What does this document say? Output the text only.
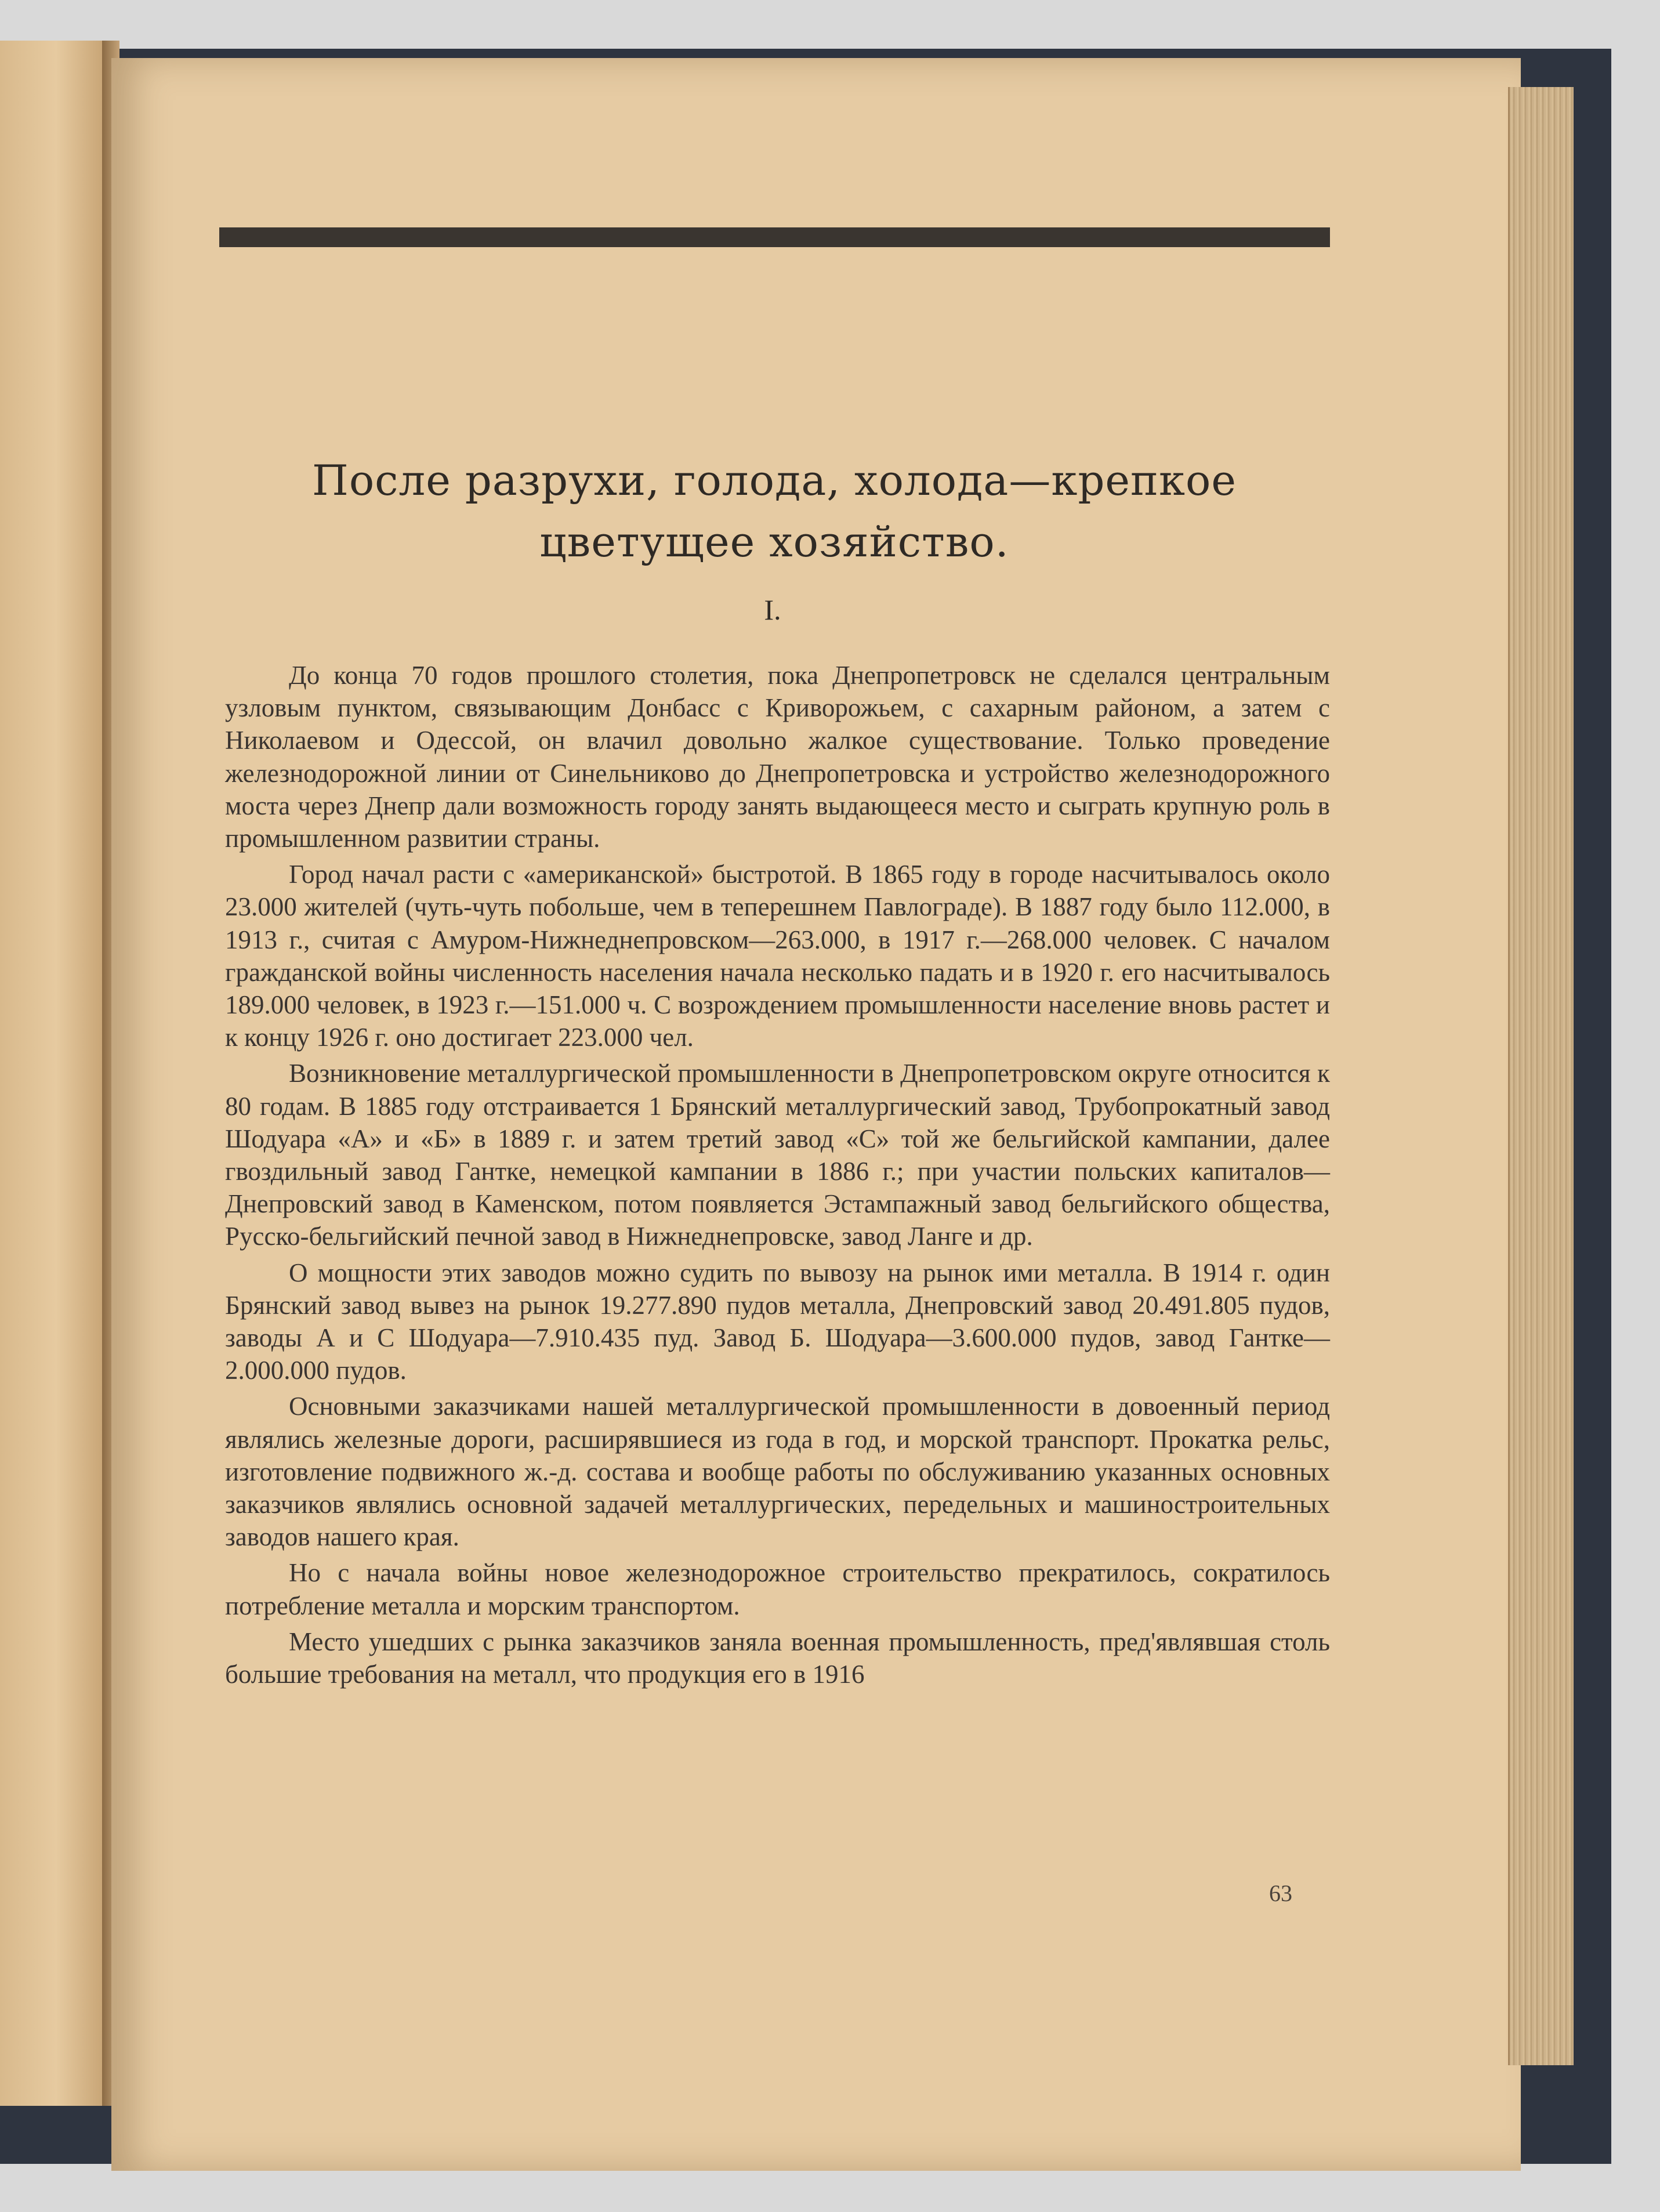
После разрухи, голода, холода—крепкое
цветущее хозяйство.
I.

До конца 70 годов прошлого столетия, пока Днепропетровск не сделался центральным узловым пунктом, связывающим Донбасс с Криворожьем, с сахарным районом, а затем с Николаевом и Одессой, он влачил довольно жалкое существование. Только проведение железнодорожной линии от Синельниково до Днепропетровска и устройство железнодорожного моста через Днепр дали возможность городу занять выдающееся место и сыграть крупную роль в промышленном развитии страны.

Город начал расти с «американской» быстротой. В 1865 году в городе насчитывалось около 23.000 жителей (чуть-чуть побольше, чем в теперешнем Павлограде). В 1887 году было 112.000, в 1913 г., считая с Амуром-Нижнеднепровском—263.000, в 1917 г.—268.000 человек. С началом гражданской войны численность населения начала несколько падать и в 1920 г. его насчитывалось 189.000 человек, в 1923 г.—151.000 ч. С возрождением промышленности население вновь растет и к концу 1926 г. оно достигает 223.000 чел.

Возникновение металлургической промышленности в Днепропетровском округе относится к 80 годам. В 1885 году отстраивается 1 Брянский металлургический завод, Трубопрокатный завод Шодуара «А» и «Б» в 1889 г. и затем третий завод «С» той же бельгийской кампании, далее гвоздильный завод Гантке, немецкой кампании в 1886 г.; при участии польских капиталов—Днепровский завод в Каменском, потом появляется Эстампажный завод бельгийского общества, Русско-бельгийский печной завод в Нижнеднепровске, завод Ланге и др.

О мощности этих заводов можно судить по вывозу на рынок ими металла. В 1914 г. один Брянский завод вывез на рынок 19.277.890 пудов металла, Днепровский завод 20.491.805 пудов, заводы А и С Шодуара—7.910.435 пуд. Завод Б. Шодуара—3.600.000 пудов, завод Гантке—2.000.000 пудов.

Основными заказчиками нашей металлургической промышленности в довоенный период являлись железные дороги, расширявшиеся из года в год, и морской транспорт. Прокатка рельс, изготовление подвижного ж.-д. состава и вообще работы по обслуживанию указанных основных заказчиков являлись основной задачей металлургических, передельных и машиностроительных заводов нашего края.

Но с начала войны новое железнодорожное строительство прекратилось, сократилось потребление металла и морским транспортом.

Место ушедших с рынка заказчиков заняла военная промышленность, пред'являвшая столь большие требования на металл, что продукция его в 1916

63
